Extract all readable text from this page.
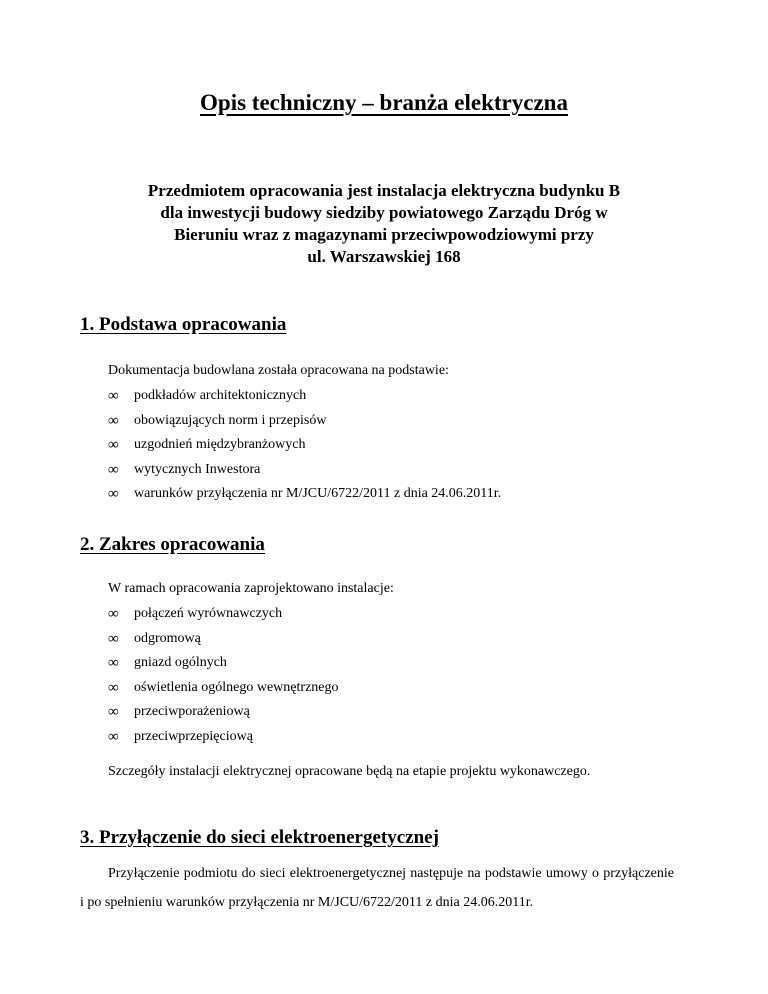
Opis techniczny – branża elektryczna
Przedmiotem opracowania jest instalacja elektryczna budynku B
dla inwestycji budowy siedziby powiatowego Zarządu Dróg w
Bieruniu wraz z magazynami przeciwpowodziowymi przy
ul. Warszawskiej 168
1. Podstawa opracowania

Dokumentacja budowlana została opracowana na podstawie:

∞	podkładów architektonicznych
∞	obowiązujących norm i przepisów
∞	uzgodnień międzybranżowych
∞	wytycznych Inwestora
∞	warunków przyłączenia nr M/JCU/6722/2011 z dnia 24.06.2011r.
2. Zakres opracowania

W ramach opracowania zaprojektowano instalacje:

∞	połączeń wyrównawczych
∞	odgromową
∞	gniazd ogólnych
∞	oświetlenia ogólnego wewnętrznego
∞	przeciwporażeniową
∞	przeciwprzepięciową

Szczegóły instalacji elektrycznej opracowane będą na etapie projektu wykonawczego.

3. Przyłączenie do sieci elektroenergetycznej

Przyłączenie podmiotu do sieci elektroenergetycznej następuje na podstawie umowy o przyłączenie i po spełnieniu warunków przyłączenia nr M/JCU/6722/2011 z dnia 24.06.2011r.
